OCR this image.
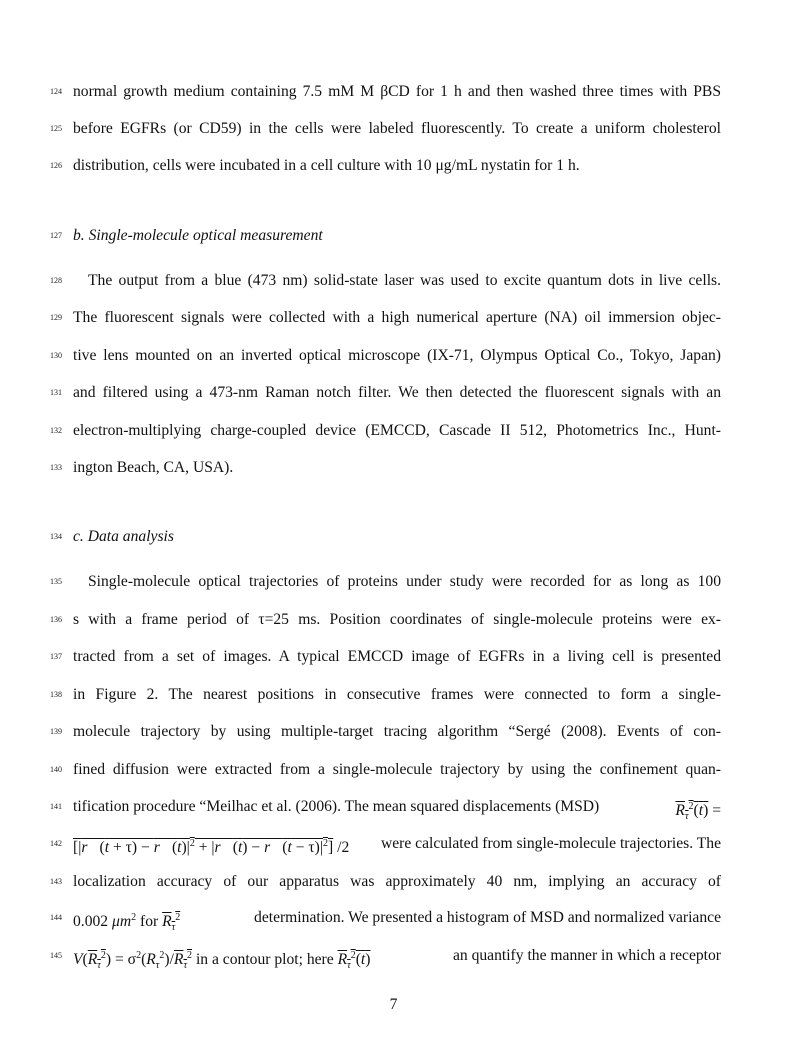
124 normal growth medium containing 7.5 mM M βCD for 1 h and then washed three times with PBS
125 before EGFRs (or CD59) in the cells were labeled fluorescently. To create a uniform cholesterol
126 distribution, cells were incubated in a cell culture with 10 μg/mL nystatin for 1 h.
127 b. Single-molecule optical measurement
128	The output from a blue (473 nm) solid-state laser was used to excite quantum dots in live cells.
129 The fluorescent signals were collected with a high numerical aperture (NA) oil immersion objec-
130 tive lens mounted on an inverted optical microscope (IX-71, Olympus Optical Co., Tokyo, Japan)
131 and filtered using a 473-nm Raman notch filter. We then detected the fluorescent signals with an
132 electron-multiplying charge-coupled device (EMCCD, Cascade II 512, Photometrics Inc., Hunt-
133 ington Beach, CA, USA).
134 c. Data analysis
135	Single-molecule optical trajectories of proteins under study were recorded for as long as 100
136 s with a frame period of τ=25 ms. Position coordinates of single-molecule proteins were ex-
137 tracted from a set of images. A typical EMCCD image of EGFRs in a living cell is presented
138 in Figure 2. The nearest positions in consecutive frames were connected to form a single-
139 molecule trajectory by using multiple-target tracing algorithm “Sergé (2008). Events of con-
140 fined diffusion were extracted from a single-molecule trajectory by using the confinement quan-
141 tification procedure “Meilhac et al. (2006). The mean squared displacements (MSD)	$R_\tau^2(t)$ =
142 [|r⃗(t + $\tau) - r⃗(t)|^2$ + |r⃗(t) − r⃗(t − $\tau)|^2$] /2 were calculated from single-molecule trajectories. The
143 localization accuracy of our apparatus was approximately 40 nm, implying an accuracy of
144 0.002 $\mu m^2$ for $R_\tau^2$	determination. We presented a histogram of MSD and normalized variance
145 $V(R_\tau^2) = \sigma^2(R_\tau^2)/R_\tau^2$ in a contour plot; here $R_\tau^2(t)$	an quantify the manner in which a receptor
7
